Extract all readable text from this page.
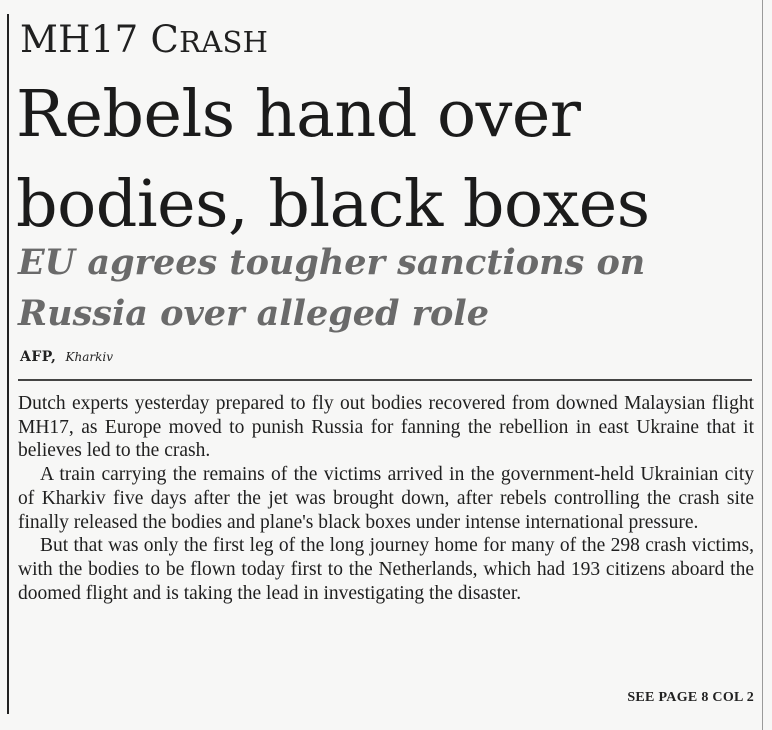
MH17 CRASH
Rebels hand over bodies, black boxes
EU agrees tougher sanctions on Russia over alleged role
AFP, Kharkiv

Dutch experts yesterday prepared to fly out bodies recovered from downed Malaysian flight MH17, as Europe moved to punish Russia for fanning the rebellion in east Ukraine that it believes led to the crash.

A train carrying the remains of the victims arrived in the government-held Ukrainian city of Kharkiv five days after the jet was brought down, after rebels controlling the crash site finally released the bodies and plane's black boxes under intense international pressure.

But that was only the first leg of the long journey home for many of the 298 crash victims, with the bodies to be flown today first to the Netherlands, which had 193 citizens aboard the doomed flight and is taking the lead in investigating the disaster.

SEE PAGE 8 COL 2
